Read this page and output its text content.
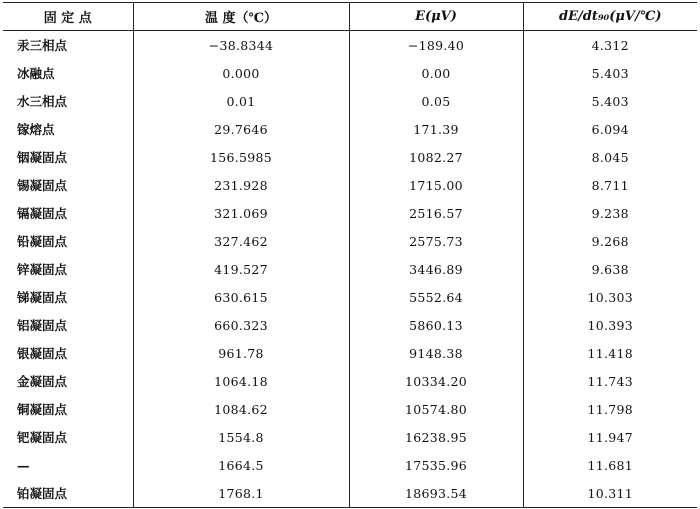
固 定 点	温 度（℃）	E(μV)	dE/dt₉₀(μV/℃)
汞三相点	−38.8344	−189.40	4.312
冰融点	0.000	0.00	5.403
水三相点	0.01	0.05	5.403
镓熔点	29.7646	171.39	6.094
铟凝固点	156.5985	1082.27	8.045
锡凝固点	231.928	1715.00	8.711
镉凝固点	321.069	2516.57	9.238
铅凝固点	327.462	2575.73	9.268
锌凝固点	419.527	3446.89	9.638
锑凝固点	630.615	5552.64	10.303
铝凝固点	660.323	5860.13	10.393
银凝固点	961.78	9148.38	11.418
金凝固点	1064.18	10334.20	11.743
铜凝固点	1084.62	10574.80	11.798
钯凝固点	1554.8	16238.95	11.947
—	1664.5	17535.96	11.681
铂凝固点	1768.1	18693.54	10.311
